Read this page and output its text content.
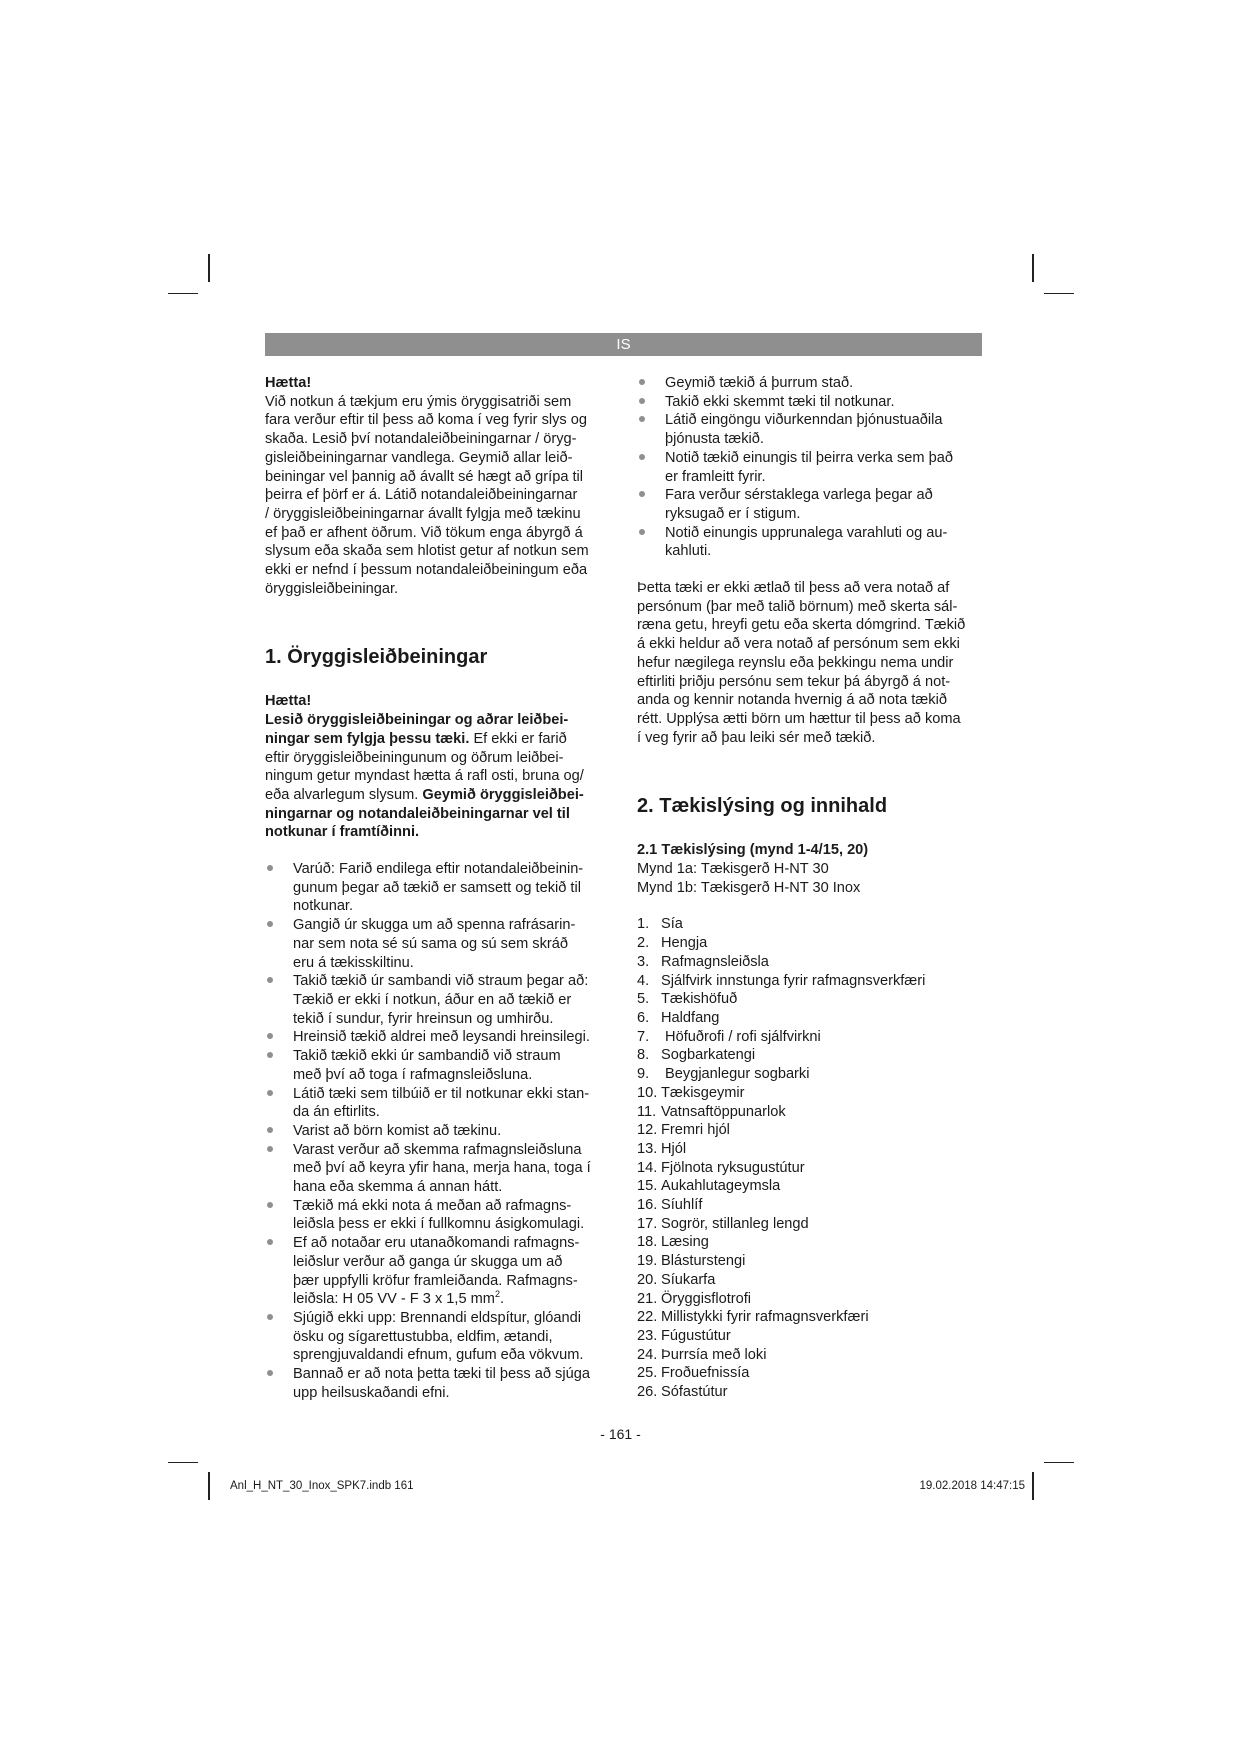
IS

Hætta!

Við notkun á tækjum eru ýmis öryggisatriði sem
fara verður eftir til þess að koma í veg fyrir slys og
skaða. Lesið því notandaleiðbeiningarnar / öryg-
gisleiðbeiningarnar vandlega. Geymið allar leið-
beiningar vel þannig að ávallt sé hægt að grípa til
þeirra ef þörf er á. Látið notandaleiðbeiningarnar
/ öryggisleiðbeiningarnar ávallt fylgja með tækinu
ef það er afhent öðrum. Við tökum enga ábyrgð á
slysum eða skaða sem hlotist getur af notkun sem
ekki er nefnd í þessum notandaleiðbeiningum eða
öryggisleiðbeiningar.
1. Öryggisleiðbeiningar

Hætta!

Lesið öryggisleiðbeiningar og aðrar leiðbei-
ningar sem fylgja þessu tæki. Ef ekki er farið
eftir öryggisleiðbeiningunum og öðrum leiðbei-
ningum getur myndast hætta á rafl osti, bruna og/
eða alvarlegum slysum. Geymið öryggisleiðbei-
ningarnar og notandaleiðbeiningarnar vel til
notkunar í framtíðinni.
Varúð: Farið endilega eftir notandaleiðbeinin-
gunum þegar að tækið er samsett og tekið til
notkunar.
Gangið úr skugga um að spenna rafrásarin-
nar sem nota sé sú sama og sú sem skráð
eru á tækisskiltinu.
Takið tækið úr sambandi við straum þegar að:
Tækið er ekki í notkun, áður en að tækið er
tekið í sundur, fyrir hreinsun og umhirðu.
Hreinsið tækið aldrei með leysandi hreinsilegi.
Takið tækið ekki úr sambandið við straum
með því að toga í rafmagnsleiðsluna.
Látið tæki sem tilbúið er til notkunar ekki stan-
da án eftirlits.
Varist að börn komist að tækinu.
Varast verður að skemma rafmagnsleiðsluna
með því að keyra yfir hana, merja hana, toga í
hana eða skemma á annan hátt.
Tækið má ekki nota á meðan að rafmagns-
leiðsla þess er ekki í fullkomnu ásigkomulagi.
Ef að notaðar eru utanaðkomandi rafmagns-
leiðslur verður að ganga úr skugga um að
þær uppfylli kröfur framleiðanda. Rafmagns-
leiðsla: H 05 VV - F 3 x 1,5 $mm^2$.
Sjúgið ekki upp: Brennandi eldspítur, glóandi
ösku og sígarettustubba, eldfim, ætandi,
sprengjuvaldandi efnum, gufum eða vökvum.
Bannað er að nota þetta tæki til þess að sjúga
upp heilsuskaðandi efni.
Geymið tækið á þurrum stað.
Takið ekki skemmt tæki til notkunar.
Látið eingöngu viðurkenndan þjónustuaðila
þjónusta tækið.
Notið tækið einungis til þeirra verka sem það
er framleitt fyrir.
Fara verður sérstaklega varlega þegar að
ryksugað er í stigum.
Notið einungis upprunalega varahluti og au-
kahluti.
Þetta tæki er ekki ætlað til þess að vera notað af
persónum (þar með talið börnum) með skerta sál-
ræna getu, hreyfi getu eða skerta dómgrind. Tækið
á ekki heldur að vera notað af persónum sem ekki
hefur nægilega reynslu eða þekkingu nema undir
eftirliti þriðju persónu sem tekur þá ábyrgð á not-
anda og kennir notanda hvernig á að nota tækið
rétt. Upplýsa ætti börn um hættur til þess að koma
í veg fyrir að þau leiki sér með tækið.
2. Tækislýsing og innihald

2.1 Tækislýsing (mynd 1-4/15, 20)

Mynd 1a: Tækisgerð H-NT 30
Mynd 1b: Tækisgerð H-NT 30 Inox
1. Sía
2. Hengja
3. Rafmagnsleiðsla
4. Sjálfvirk innstunga fyrir rafmagnsverkfæri
5. Tækishöfuð
6. Haldfang
7. Höfuðrofi / rofi sjálfvirkni
8. Sogbarkatengi
9. Beygjanlegur sogbarki
10. Tækisgeymir
11. Vatnsaftöppunarlok
12. Fremri hjól
13. Hjól
14. Fjölnota ryksugustútur
15. Aukahlutageymsla
16. Síuhlíf
17. Sogrör, stillanleg lengd
18. Læsing
19. Blásturstengi
20. Síukarfa
21. Öryggisflotrofi
22. Millistykki fyrir rafmagnsverkfæri
23. Fúgustútur
24. Þurrsía með loki
25. Froðuefnissía
26. Sófastútur
- 161 -
Anl_H_NT_30_Inox_SPK7.indb 161	19.02.2018 14:47:15
